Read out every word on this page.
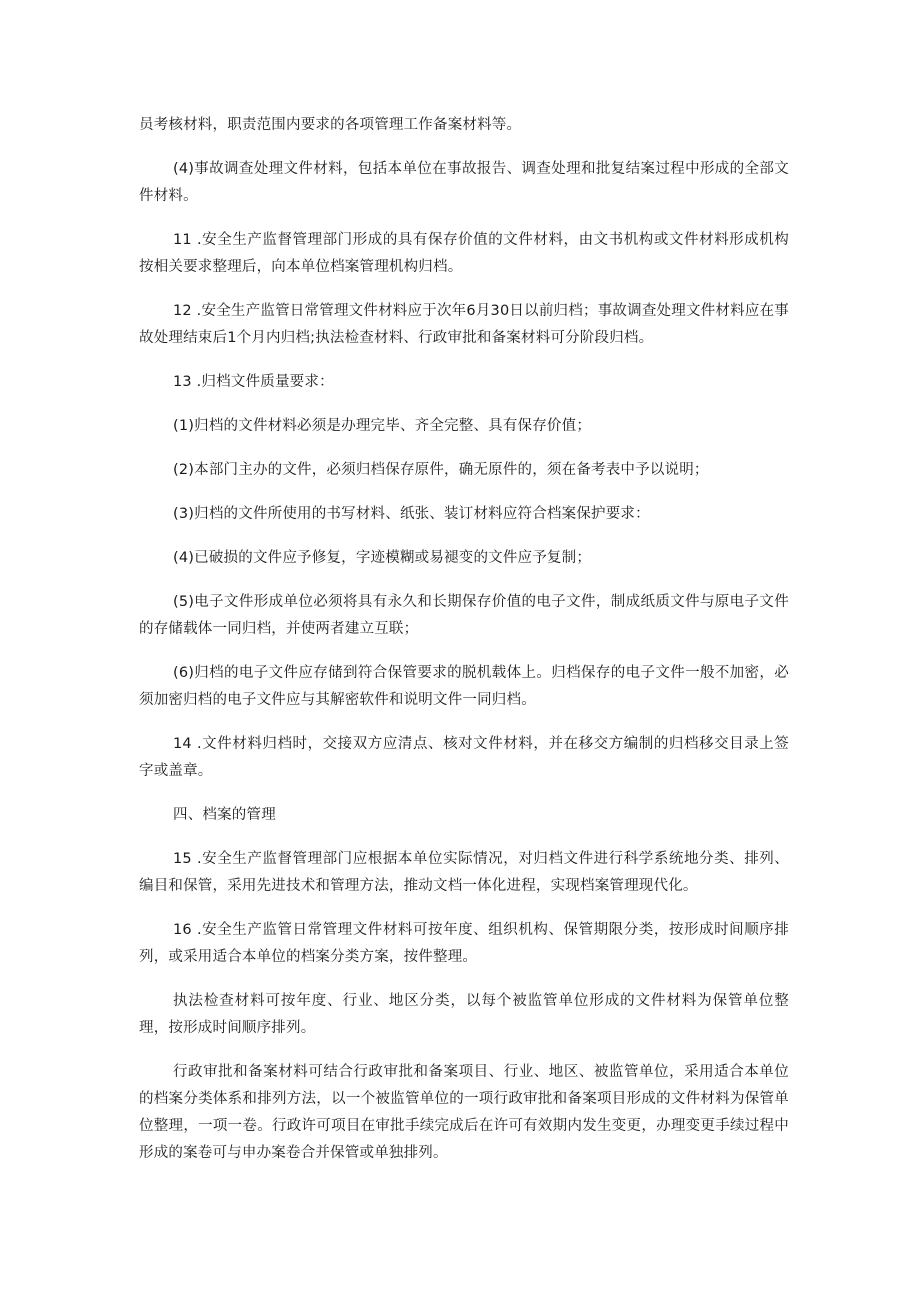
员考核材料，职责范围内要求的各项管理工作备案材料等。

(4)事故调查处理文件材料，包括本单位在事故报告、调查处理和批复结案过程中形成的全部文件材料。

11 .安全生产监督管理部门形成的具有保存价值的文件材料，由文书机构或文件材料形成机构按相关要求整理后，向本单位档案管理机构归档。

12 .安全生产监管日常管理文件材料应于次年6月30日以前归档；事故调查处理文件材料应在事故处理结束后1个月内归档;执法检查材料、行政审批和备案材料可分阶段归档。

13 .归档文件质量要求：

(1)归档的文件材料必须是办理完毕、齐全完整、具有保存价值；

(2)本部门主办的文件，必须归档保存原件，确无原件的，须在备考表中予以说明；

(3)归档的文件所使用的书写材料、纸张、装订材料应符合档案保护要求：

(4)已破损的文件应予修复，字迹模糊或易褪变的文件应予复制；

(5)电子文件形成单位必须将具有永久和长期保存价值的电子文件，制成纸质文件与原电子文件的存储载体一同归档，并使两者建立互联；

(6)归档的电子文件应存储到符合保管要求的脱机载体上。归档保存的电子文件一般不加密，必须加密归档的电子文件应与其解密软件和说明文件一同归档。

14 .文件材料归档时，交接双方应清点、核对文件材料，并在移交方编制的归档移交目录上签字或盖章。

四、档案的管理

15 .安全生产监督管理部门应根据本单位实际情况，对归档文件进行科学系统地分类、排列、编目和保管，采用先进技术和管理方法，推动文档一体化进程，实现档案管理现代化。

16 .安全生产监管日常管理文件材料可按年度、组织机构、保管期限分类，按形成时间顺序排列，或采用适合本单位的档案分类方案，按件整理。

执法检查材料可按年度、行业、地区分类，以每个被监管单位形成的文件材料为保管单位整理，按形成时间顺序排列。

行政审批和备案材料可结合行政审批和备案项目、行业、地区、被监管单位，采用适合本单位的档案分类体系和排列方法，以一个被监管单位的一项行政审批和备案项目形成的文件材料为保管单位整理，一项一卷。行政许可项目在审批手续完成后在许可有效期内发生变更，办理变更手续过程中形成的案卷可与申办案卷合并保管或单独排列。
